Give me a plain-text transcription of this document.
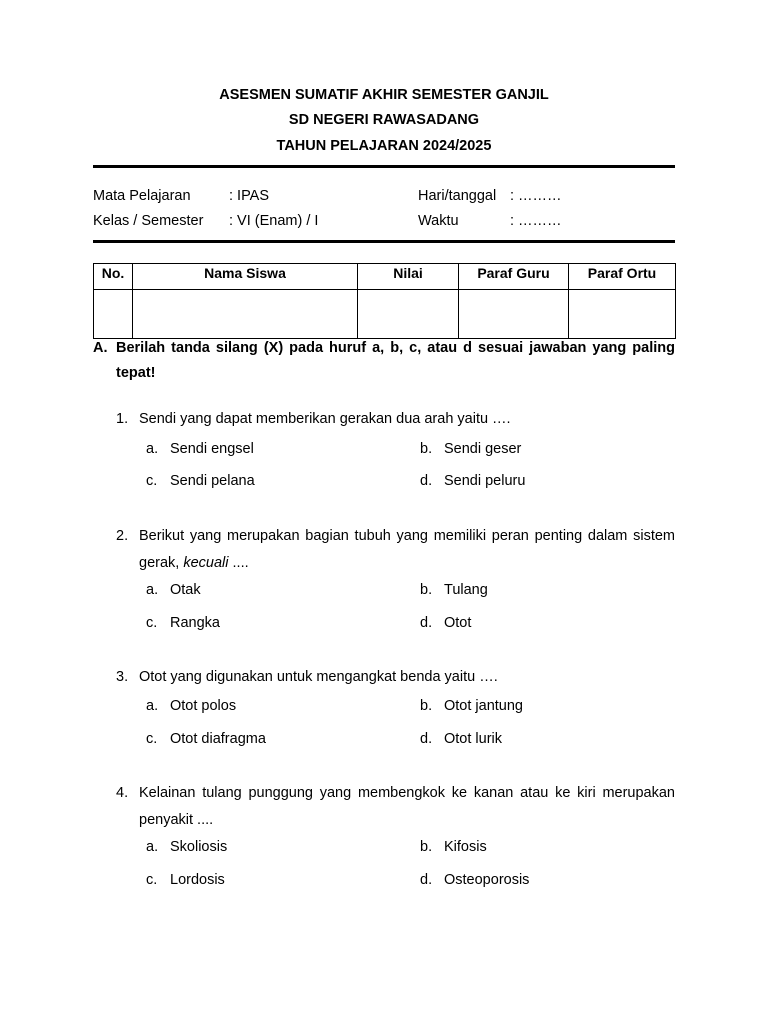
ASESMEN SUMATIF AKHIR SEMESTER GANJIL
SD NEGERI RAWASADANG
TAHUN PELAJARAN 2024/2025
Mata Pelajaran	: IPAS	Hari/tanggal : ………
Kelas / Semester : VI (Enam) / I	Waktu	: ………
No.	Nama Siswa	Nilai	Paraf Guru	Paraf Ortu

A. Berilah tanda silang (X) pada huruf a, b, c, atau d sesuai jawaban yang paling tepat!
1. Sendi yang dapat memberikan gerakan dua arah yaitu ….
a. Sendi engsel	b. Sendi geser
c. Sendi pelana	d. Sendi peluru
2. Berikut yang merupakan bagian tubuh yang memiliki peran penting dalam sistem gerak, kecuali ....
a. Otak	b. Tulang
c. Rangka	d. Otot
3. Otot yang digunakan untuk mengangkat benda yaitu ….
a. Otot polos	b. Otot jantung
c. Otot diafragma	d. Otot lurik
4. Kelainan tulang punggung yang membengkok ke kanan atau ke kiri merupakan penyakit ....
a. Skoliosis	b. Kifosis
c. Lordosis	d. Osteoporosis
